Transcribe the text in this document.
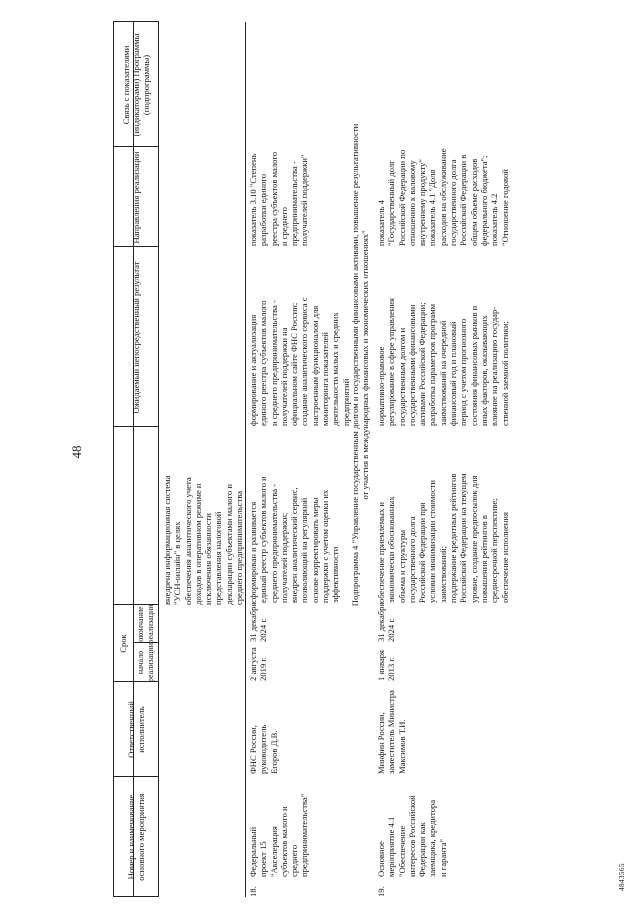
48
4843565
Связь с показателями (индикаторами) Программы (подпрограммы)
Направления реализации
Ожидаемый непосредственный результат
Срок
начало реализации
окончание реализации
Ответственный исполнитель
Номер и наименование основного мероприятия
внедрена информационная система
"УСН-онлайн" в целях
обеспечения аналитического учета
доходов в оперативном режиме и
исключения обязанности
представления налоговой
декларации субъектами малого и
среднего предпринимательства
18.
Федеральный
проект 15
"Акселерация
субъектов малого и
среднего
предпринимательства"
ФНС России,
руководитель
Егоров Д.В.
2 августа
2019 г.
31 декабря
2024 г.
сформирован и развивается
единый реестр субъектов малого и
среднего предпринимательства -
получателей поддержки;
внедрен аналитический сервис,
позволяющий на регулярной
основе корректировать меры
поддержки с учетом оценки их
эффективности
формирование и актуализация
единого реестра субъектов малого
и среднего предпринимательства -
получателей поддержки на
официальном сайте ФНС России;
создание аналитического сервиса с
настроенным функционалом для
мониторинга показателей
деятельности малых и средних
предприятий
показатель 3.10 "Степень
разработки единого
реестра субъектов малого
и среднего
предпринимательства -
получателей поддержки"
Подпрограмма 4 "Управление государственным долгом и государственными финансовыми активами, повышение результативности
от участия в международных финансовых и экономических отношениях"
19.
Основное
мероприятие 4.1
"Обеспечение
интересов Российской
Федерации как
заемщика, кредитора
и гаранта"
Минфин России,
заместитель Министра
Максимов Т.И.
1 января
2013 г.
31 декабря
2024 г.
обеспечение приемлемых и
экономически обоснованных
объема и структуры
государственного долга
Российской Федерации при
условии минимизации стоимости
заимствований;
поддержание кредитных рейтингов
Российской Федерации на текущем
уровне, создание предпосылок для
повышения рейтингов в
среднесрочной перспективе;
обеспечение исполнения
нормативно-правовое
регулирование в сфере управления
государственным долгом и
государственными финансовыми
активами Российской Федерации;
разработка параметров программ
заимствований на очередной
финансовый год и плановый
период с учетом прогнозного
состояния финансовых рынков и
иных факторов, оказывающих
влияние на реализацию государ-
ственной заемной политики;
показатель 4
"Государственный долг
Российской Федерации по
отношению к валовому
внутреннему продукту"
показатель 4.1 "Доля
расходов на обслуживание
государственного долга
Российской Федерации в
общем объеме расходов
федерального бюджета";
показатель 4.2
"Отношение годовой
